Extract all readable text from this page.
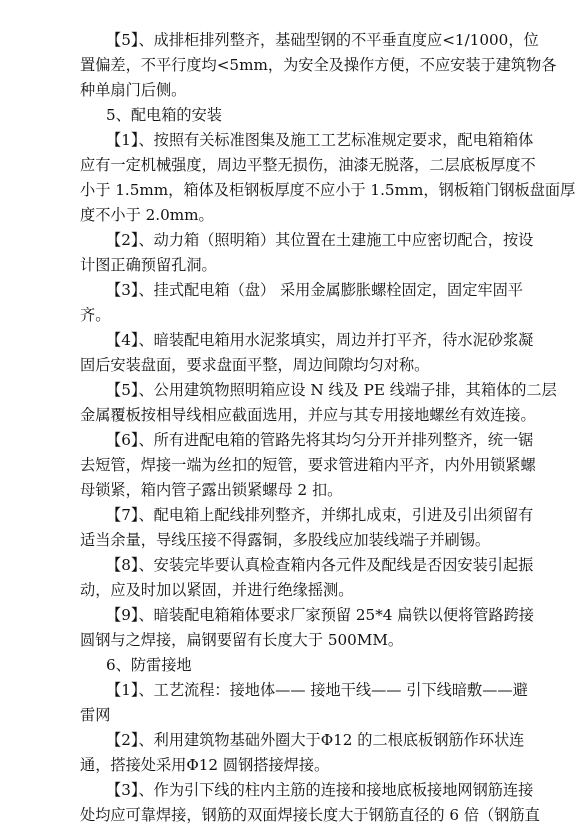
【5】、成排柜排列整齐，基础型钢的不平垂直度应<1/1000，位
置偏差，不平行度均<5mm，为安全及操作方便，不应安装于建筑物各
种单扇门后侧。
5、配电箱的安装
【1】、按照有关标准图集及施工工艺标准规定要求，配电箱箱体
应有一定机械强度，周边平整无损伤，油漆无脱落，二层底板厚度不
小于 1.5mm，箱体及柜钢板厚度不应小于 1.5mm，钢板箱门钢板盘面厚
度不小于 2.0mm。
【2】、动力箱（照明箱）其位置在土建施工中应密切配合，按设
计图正确预留孔洞。
【3】、挂式配电箱（盘） 采用金属膨胀螺栓固定，固定牢固平
齐。
【4】、暗装配电箱用水泥浆填实，周边并打平齐，待水泥砂浆凝
固后安装盘面，要求盘面平整，周边间隙均匀对称。
【5】、公用建筑物照明箱应设 N 线及 PE 线端子排，其箱体的二层
金属覆板按相导线相应截面选用，并应与其专用接地螺丝有效连接。
【6】、所有进配电箱的管路先将其均匀分开并排列整齐，统一锯
去短管，焊接一端为丝扣的短管，要求管进箱内平齐，内外用锁紧螺
母锁紧，箱内管子露出锁紧螺母 2 扣。
【7】、配电箱上配线排列整齐，并绑扎成束，引进及引出须留有
适当余量，导线压接不得露铜，多股线应加装线端子并刷锡。
【8】、安装完毕要认真检查箱内各元件及配线是否因安装引起振
动，应及时加以紧固，并进行绝缘摇测。
【9】、暗装配电箱箱体要求厂家预留 25*4 扁铁以便将管路跨接
圆钢与之焊接，扁钢要留有长度大于 500MM。
6、防雷接地
【1】、工艺流程：接地体—— 接地干线—— 引下线暗敷——避
雷网
【2】、利用建筑物基础外圈大于Φ12 的二根底板钢筋作环状连
通，搭接处采用Φ12 圆钢搭接焊接。
【3】、作为引下线的柱内主筋的连接和接地底板接地网钢筋连接
处均应可靠焊接，钢筋的双面焊接长度大于钢筋直径的 6 倍（钢筋直
